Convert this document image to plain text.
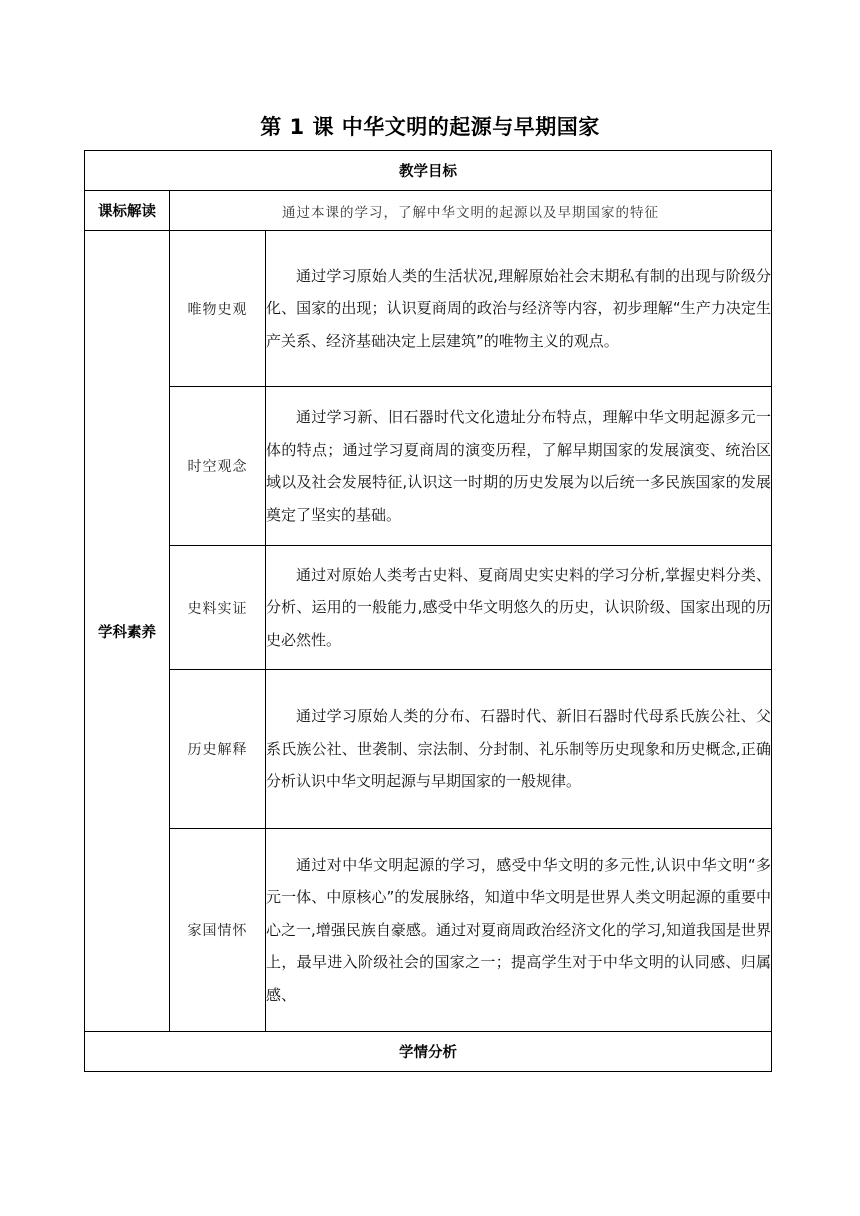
第 1 课 中华文明的起源与早期国家
教学目标		
课标解读	通过本课的学习，了解中华文明的起源以及早期国家的特征	
学科素养	唯物史观	通过学习原始人类的生活状况,理解原始社会末期私有制的出现与阶级分化、国家的出现；认识夏商周的政治与经济等内容，初步理解“生产力决定生产关系、经济基础决定上层建筑”的唯物主义的观点。
	时空观念	通过学习新、旧石器时代文化遗址分布特点，理解中华文明起源多元一体的特点；通过学习夏商周的演变历程，了解早期国家的发展演变、统治区域以及社会发展特征,认识这一时期的历史发展为以后统一多民族国家的发展奠定了坚实的基础。
	史料实证	通过对原始人类考古史料、夏商周史实史料的学习分析,掌握史料分类、分析、运用的一般能力,感受中华文明悠久的历史，认识阶级、国家出现的历史必然性。
	历史解释	通过学习原始人类的分布、石器时代、新旧石器时代母系氏族公社、父系氏族公社、世袭制、宗法制、分封制、礼乐制等历史现象和历史概念,正确分析认识中华文明起源与早期国家的一般规律。
	家国情怀	通过对中华文明起源的学习，感受中华文明的多元性,认识中华文明“多元一体、中原核心”的发展脉络，知道中华文明是世界人类文明起源的重要中心之一,增强民族自豪感。通过对夏商周政治经济文化的学习,知道我国是世界上，最早进入阶级社会的国家之一；提高学生对于中华文明的认同感、归属感、
学情分析		
